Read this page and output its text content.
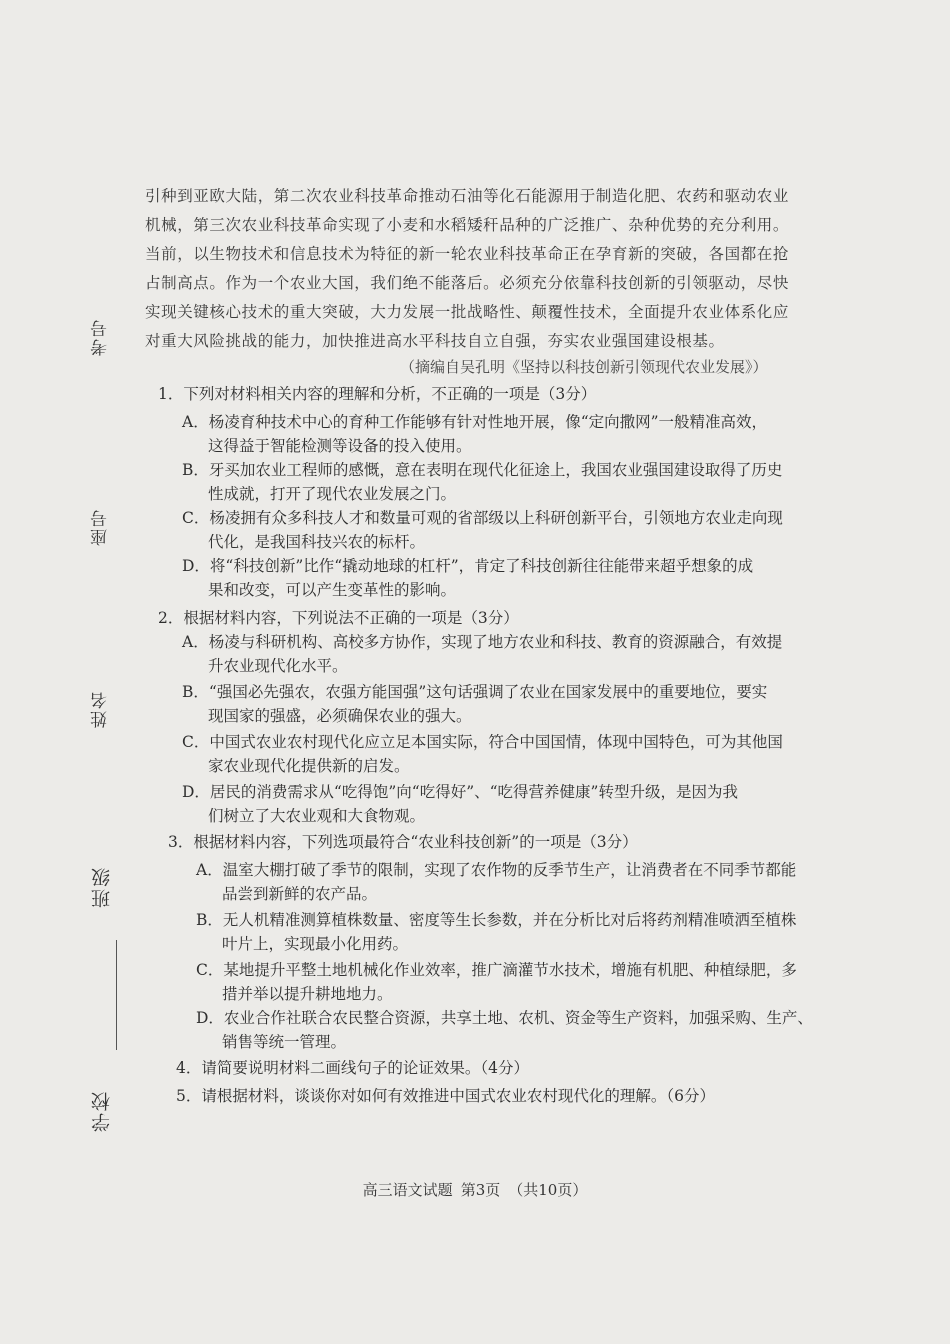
考号
座号
姓名
班级
学校
引种到亚欧大陆，第二次农业科技革命推动石油等化石能源用于制造化肥、农药和驱动农业
机械，第三次农业科技革命实现了小麦和水稻矮秆品种的广泛推广、杂种优势的充分利用。
当前，以生物技术和信息技术为特征的新一轮农业科技革命正在孕育新的突破，各国都在抢
占制高点。作为一个农业大国，我们绝不能落后。必须充分依靠科技创新的引领驱动，尽快
实现关键核心技术的重大突破，大力发展一批战略性、颠覆性技术，全面提升农业体系化应
对重大风险挑战的能力，加快推进高水平科技自立自强，夯实农业强国建设根基。
（摘编自吴孔明《坚持以科技创新引领现代农业发展》）
1．下列对材料相关内容的理解和分析，不正确的一项是（3分）
A．杨凌育种技术中心的育种工作能够有针对性地开展，像“定向撒网”一般精准高效，
这得益于智能检测等设备的投入使用。
B．牙买加农业工程师的感慨，意在表明在现代化征途上，我国农业强国建设取得了历史
性成就，打开了现代农业发展之门。
C．杨凌拥有众多科技人才和数量可观的省部级以上科研创新平台，引领地方农业走向现
代化，是我国科技兴农的标杆。
D．将“科技创新”比作“撬动地球的杠杆”，肯定了科技创新往往能带来超乎想象的成
果和改变，可以产生变革性的影响。
2．根据材料内容，下列说法不正确的一项是（3分）
A．杨凌与科研机构、高校多方协作，实现了地方农业和科技、教育的资源融合，有效提
升农业现代化水平。
B．“强国必先强农，农强方能国强”这句话强调了农业在国家发展中的重要地位，要实
现国家的强盛，必须确保农业的强大。
C．中国式农业农村现代化应立足本国实际，符合中国国情，体现中国特色，可为其他国
家农业现代化提供新的启发。
D．居民的消费需求从“吃得饱”向“吃得好”、“吃得营养健康”转型升级，是因为我
们树立了大农业观和大食物观。
3．根据材料内容，下列选项最符合“农业科技创新”的一项是（3分）
A．温室大棚打破了季节的限制，实现了农作物的反季节生产，让消费者在不同季节都能
品尝到新鲜的农产品。
B．无人机精准测算植株数量、密度等生长参数，并在分析比对后将药剂精准喷洒至植株
叶片上，实现最小化用药。
C．某地提升平整土地机械化作业效率，推广滴灌节水技术，增施有机肥、种植绿肥，多
措并举以提升耕地地力。
D．农业合作社联合农民整合资源，共享土地、农机、资金等生产资料，加强采购、生产、
销售等统一管理。
4．请简要说明材料二画线句子的论证效果。（4分）
5．请根据材料，谈谈你对如何有效推进中国式农业农村现代化的理解。（6分）
高三语文试题 第3页 （共10页）
